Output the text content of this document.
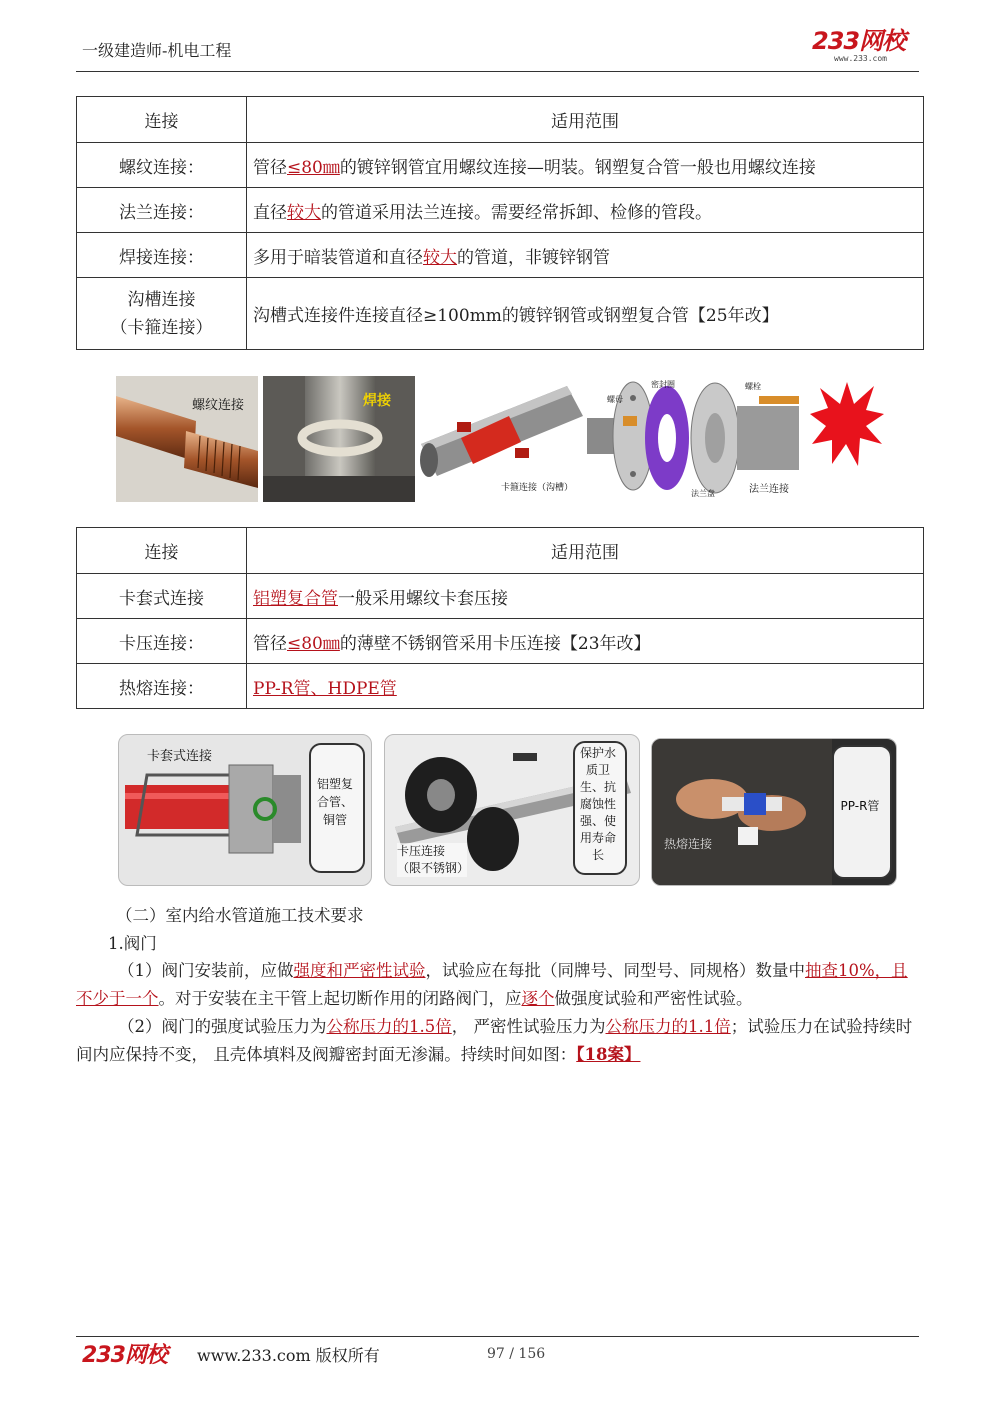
一级建造师-机电工程	233网校
www.233.com
连接	适用范围
螺纹连接：	管径≤80㎜的镀锌钢管宜用螺纹连接—明装。钢塑复合管一般也用螺纹连接
法兰连接：	直径较大的管道采用法兰连接。需要经常拆卸、检修的管段。
焊接连接：	多用于暗装管道和直径较大的管道，非镀锌钢管

沟槽连接
（卡箍连接）	沟槽式连接件连接直径≥100mm的镀锌钢管或钢塑复合管【25年改】
螺纹连接	焊接
卡箍连接（沟槽）
螺母
密封圈	螺栓
法兰盘	法兰连接
连接	适用范围
卡套式连接	铝塑复合管一般采用螺纹卡套压接
卡压连接：	管径≤80㎜的薄壁不锈钢管采用卡压连接【23年改】
热熔连接：	PP-R管、HDPE管
卡套式连接
铝塑复合管、铜管
卡压连接（限不锈钢）
保护水质卫生、抗腐蚀性强、使用寿命长
热熔连接
PP-R管
（二）室内给水管道施工技术要求
1.阀门
（1）阀门安装前，应做强度和严密性试验，试验应在每批（同牌号、同型号、同规格）数量中抽查10%，且不少于一个。对于安装在主干管上起切断作用的闭路阀门，应逐个做强度试验和严密性试验。
（2）阀门的强度试验压力为公称压力的1.5倍， 严密性试验压力为公称压力的1.1倍；试验压力在试验持续时间内应保持不变， 且壳体填料及阀瓣密封面无渗漏。持续时间如图：【18案】
233网校 www.233.com 版权所有	97 / 156
